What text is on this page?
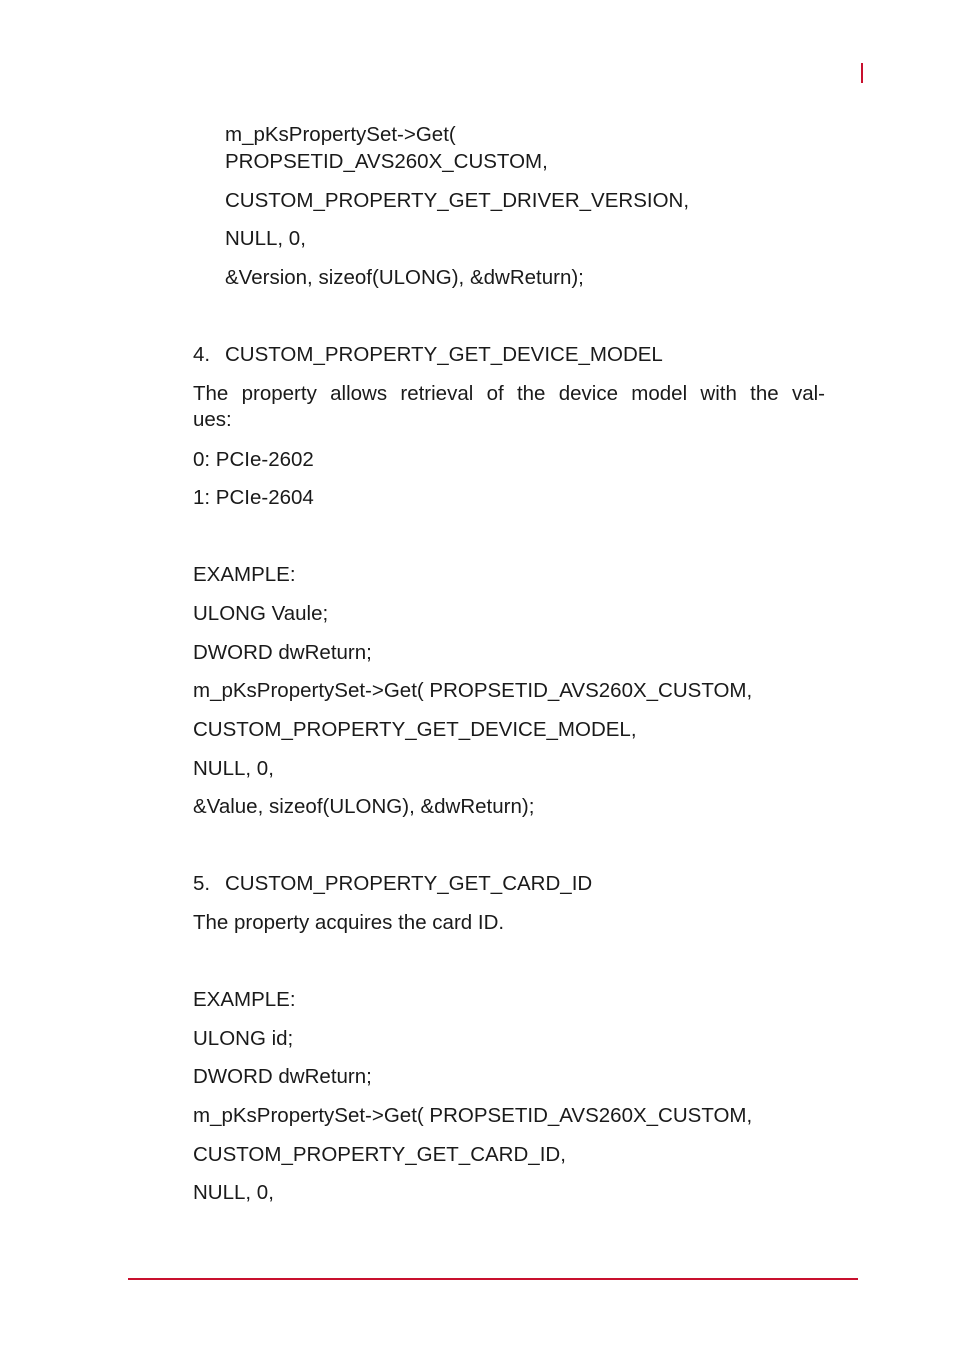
m_pKsPropertySet->Get(
PROPSETID_AVS260X_CUSTOM,
CUSTOM_PROPERTY_GET_DRIVER_VERSION,
NULL, 0,
&Version, sizeof(ULONG), &dwReturn);
4. CUSTOM_PROPERTY_GET_DEVICE_MODEL
The property allows retrieval of the device model with the val-
ues:
0: PCIe-2602
1: PCIe-2604
EXAMPLE:
ULONG Vaule;
DWORD dwReturn;
m_pKsPropertySet->Get( PROPSETID_AVS260X_CUSTOM,
CUSTOM_PROPERTY_GET_DEVICE_MODEL,
NULL, 0,
&Value, sizeof(ULONG), &dwReturn);
5. CUSTOM_PROPERTY_GET_CARD_ID
The property acquires the card ID.
EXAMPLE:
ULONG id;
DWORD dwReturn;
m_pKsPropertySet->Get( PROPSETID_AVS260X_CUSTOM,
CUSTOM_PROPERTY_GET_CARD_ID,
NULL, 0,
